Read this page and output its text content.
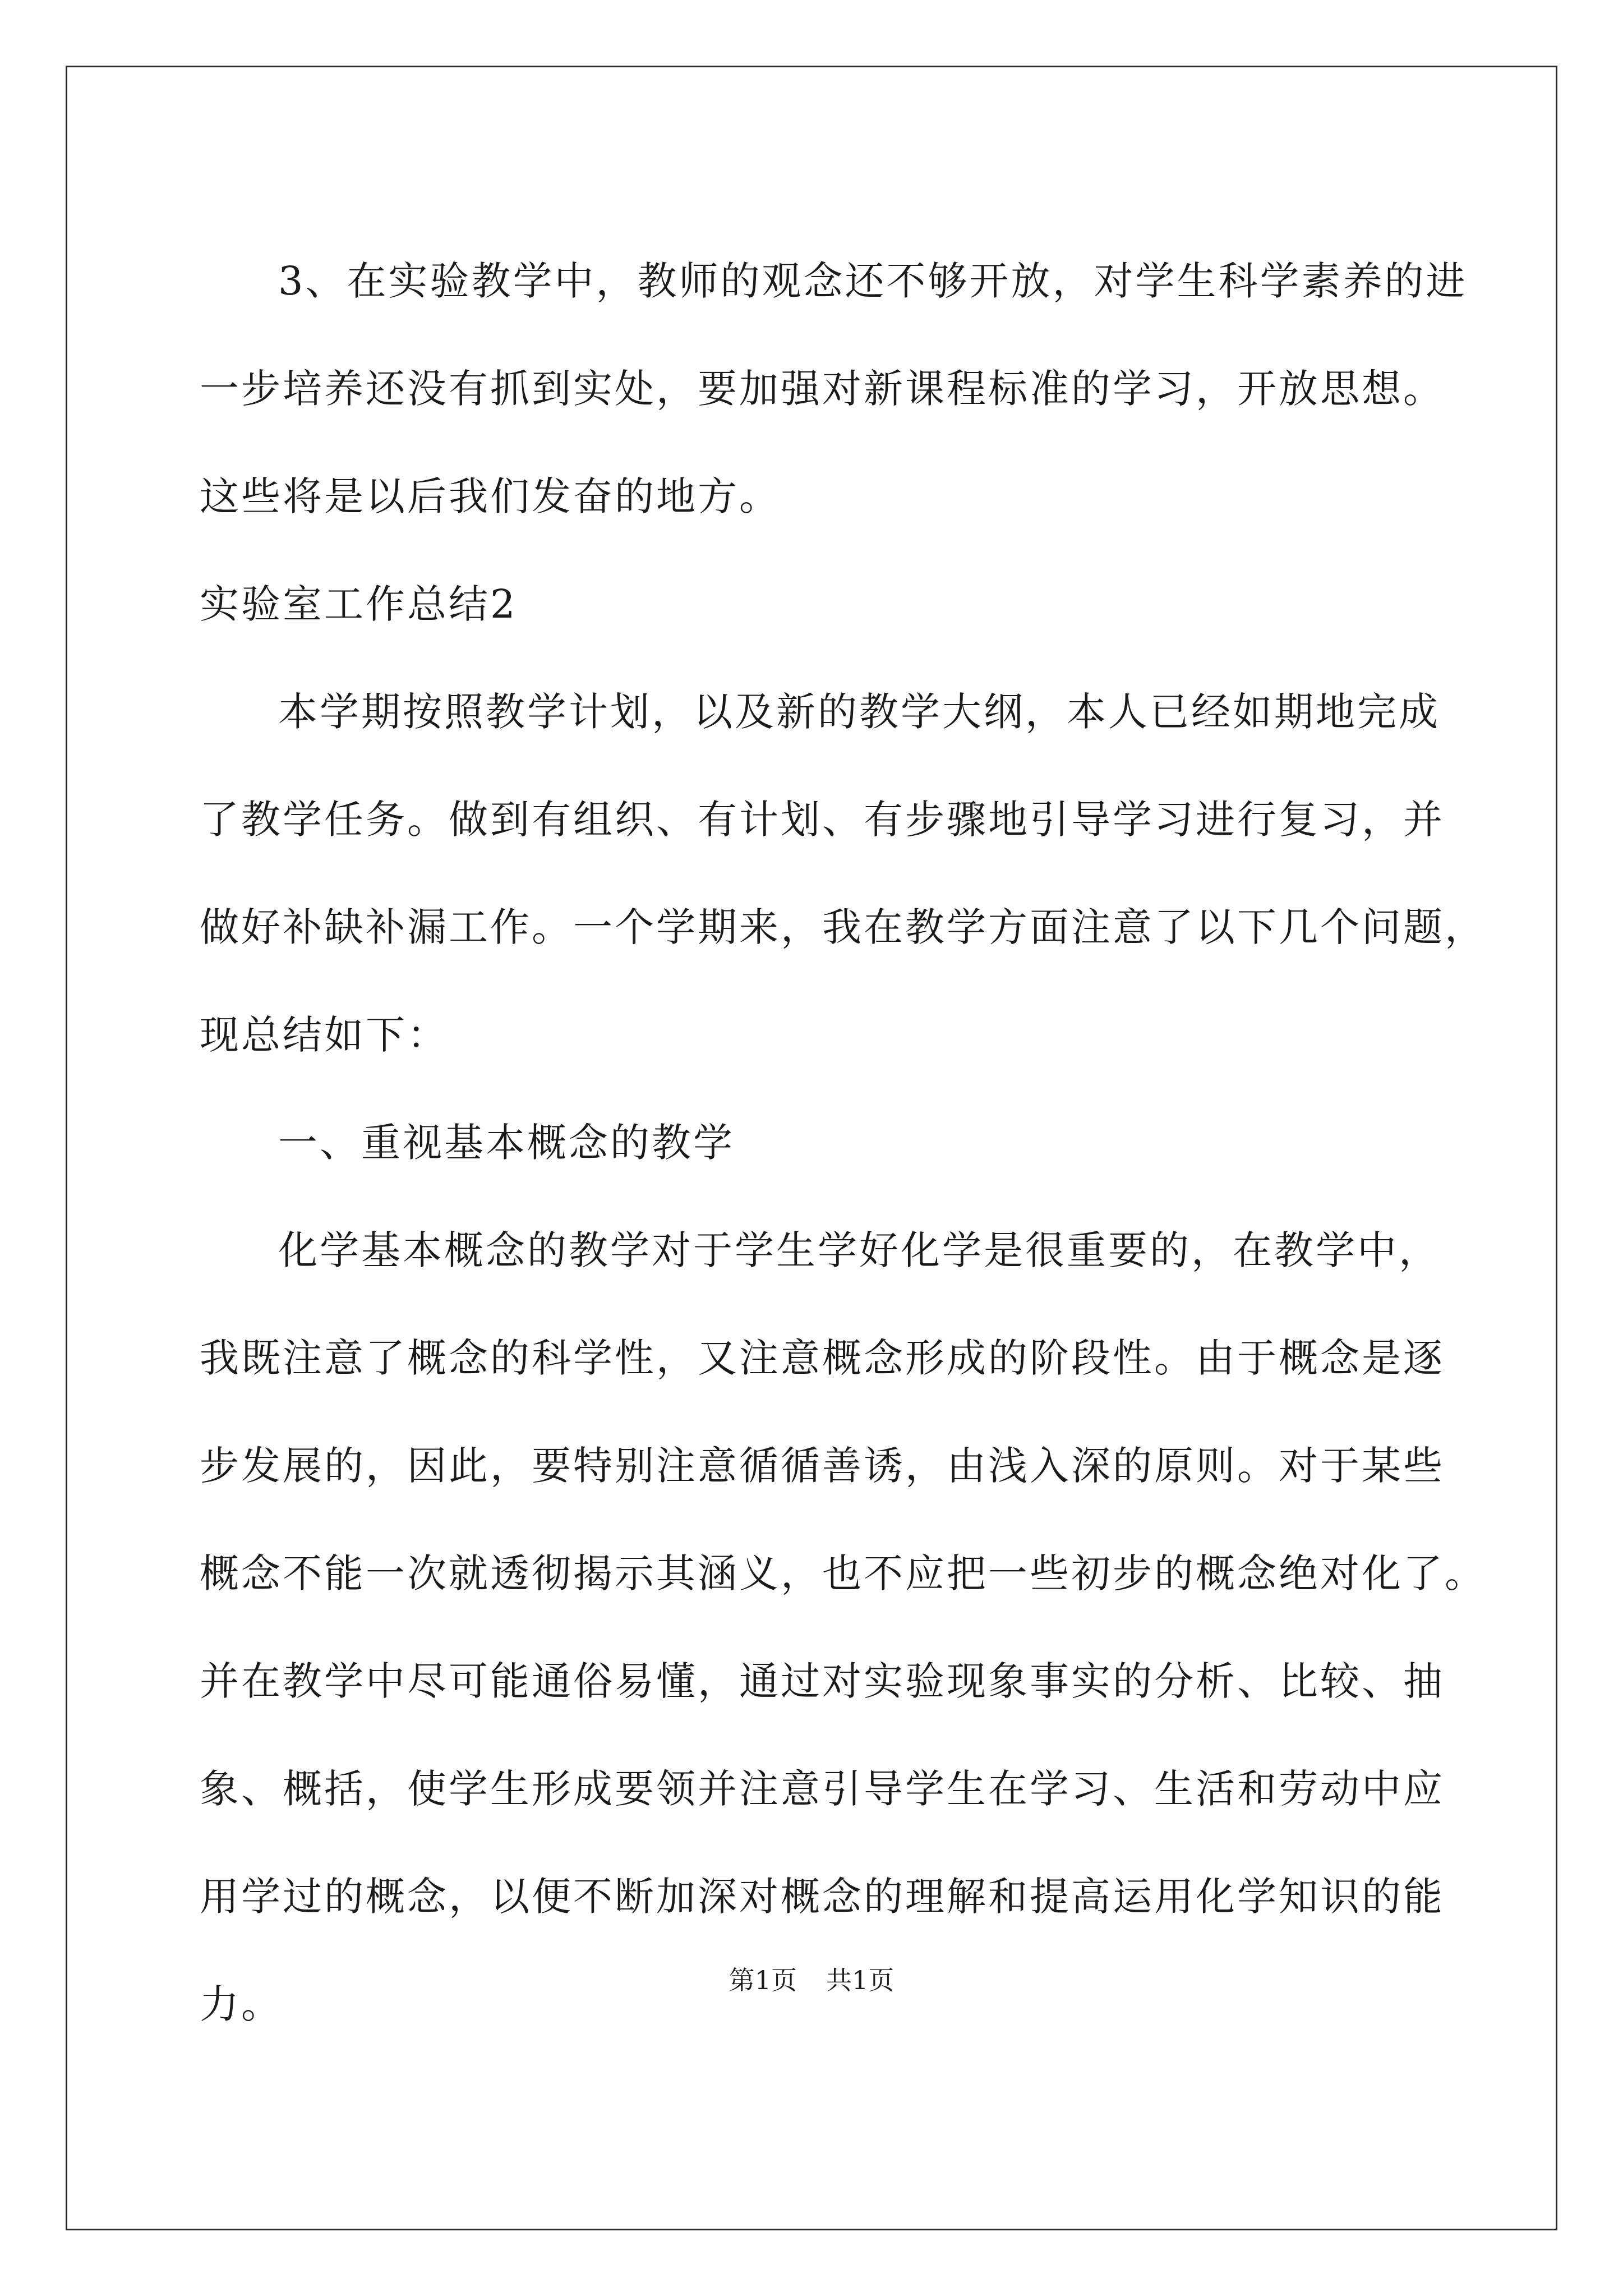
3、在实验教学中，教师的观念还不够开放，对学生科学素养的进
一步培养还没有抓到实处，要加强对新课程标准的学习，开放思想。
这些将是以后我们发奋的地方。
实验室工作总结2
本学期按照教学计划，以及新的教学大纲，本人已经如期地完成
了教学任务。做到有组织、有计划、有步骤地引导学习进行复习，并
做好补缺补漏工作。一个学期来，我在教学方面注意了以下几个问题，
现总结如下：
一、重视基本概念的教学
化学基本概念的教学对于学生学好化学是很重要的，在教学中，
我既注意了概念的科学性，又注意概念形成的阶段性。由于概念是逐
步发展的，因此，要特别注意循循善诱，由浅入深的原则。对于某些
概念不能一次就透彻揭示其涵义，也不应把一些初步的概念绝对化了。
并在教学中尽可能通俗易懂，通过对实验现象事实的分析、比较、抽
象、概括，使学生形成要领并注意引导学生在学习、生活和劳动中应
用学过的概念，以便不断加深对概念的理解和提高运用化学知识的能
力。
第1页 共1页
